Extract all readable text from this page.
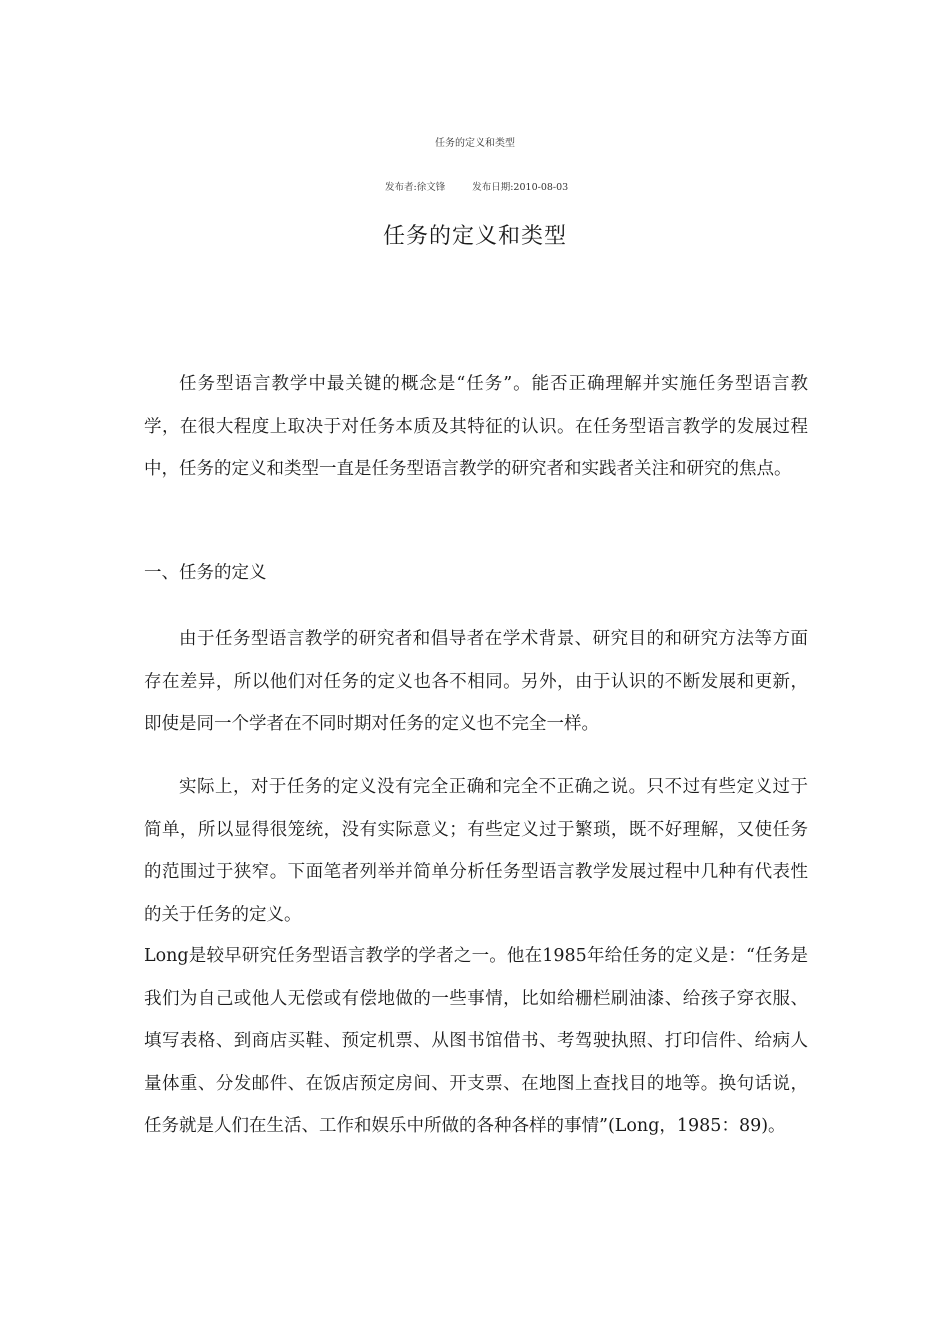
任务的定义和类型
发布者:徐文锋	发布日期:2010-08-03
任务的定义和类型
任务型语言教学中最关键的概念是“任务”。能否正确理解并实施任务型语言教学，在很大程度上取决于对任务本质及其特征的认识。在任务型语言教学的发展过程中，任务的定义和类型一直是任务型语言教学的研究者和实践者关注和研究的焦点。
一、任务的定义
由于任务型语言教学的研究者和倡导者在学术背景、研究目的和研究方法等方面存在差异，所以他们对任务的定义也各不相同。另外，由于认识的不断发展和更新，即使是同一个学者在不同时期对任务的定义也不完全一样。
实际上，对于任务的定义没有完全正确和完全不正确之说。只不过有些定义过于简单，所以显得很笼统，没有实际意义；有些定义过于繁琐，既不好理解，又使任务的范围过于狭窄。下面笔者列举并简单分析任务型语言教学发展过程中几种有代表性的关于任务的定义。
Long是较早研究任务型语言教学的学者之一。他在1985年给任务的定义是：“任务是我们为自己或他人无偿或有偿地做的一些事情，比如给栅栏刷油漆、给孩子穿衣服、填写表格、到商店买鞋、预定机票、从图书馆借书、考驾驶执照、打印信件、给病人量体重、分发邮件、在饭店预定房间、开支票、在地图上查找目的地等。换句话说，任务就是人们在生活、工作和娱乐中所做的各种各样的事情”(Long，1985：89)。
